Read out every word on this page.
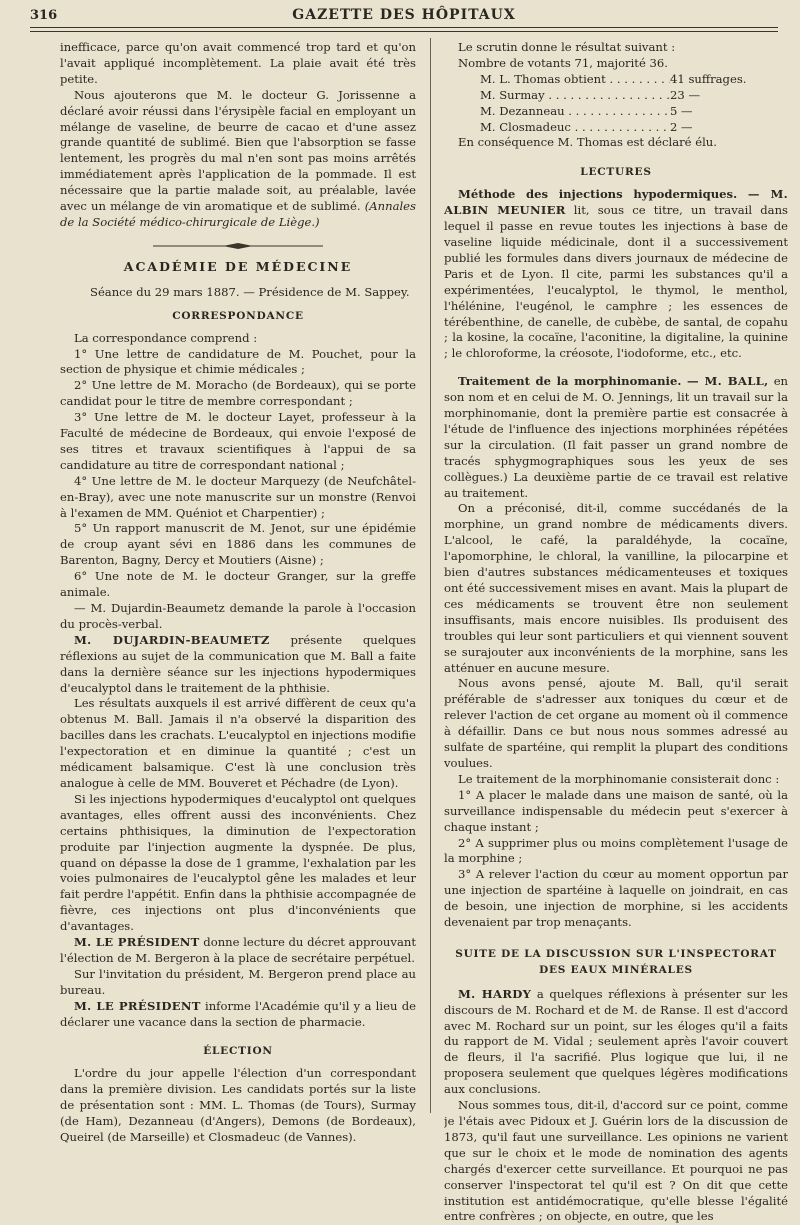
316	GAZETTE DES HÔPITAUX

inefficace, parce qu'on avait commencé trop tard et qu'on l'avait appliqué incomplètement. La plaie avait été très petite.

Nous ajouterons que M. le docteur G. Jorissenne a déclaré avoir réussi dans l'érysipèle facial en employant un mélange de vaseline, de beurre de cacao et d'une assez grande quantité de sublimé. Bien que l'absorption se fasse lentement, les progrès du mal n'en sont pas moins arrêtés immédiatement après l'application de la pommade. Il est nécessaire que la partie malade soit, au préalable, lavée avec un mélange de vin aromatique et de sublimé. (Annales de la Société médico-chirurgicale de Liège.)

ACADÉMIE DE MÉDECINE

Séance du 29 mars 1887. — Présidence de M. Sappey.

CORRESPONDANCE

La correspondance comprend :

1° Une lettre de candidature de M. Pouchet, pour la section de physique et chimie médicales ;

2° Une lettre de M. Moracho (de Bordeaux), qui se porte candidat pour le titre de membre correspondant ;

3° Une lettre de M. le docteur Layet, professeur à la Faculté de médecine de Bordeaux, qui envoie l'exposé de ses titres et travaux scientifiques à l'appui de sa candidature au titre de correspondant national ;

4° Une lettre de M. le docteur Marquezy (de Neufchâtel-en-Bray), avec une note manuscrite sur un monstre (Renvoi à l'examen de MM. Quéniot et Charpentier) ;

5° Un rapport manuscrit de M. Jenot, sur une épidémie de croup ayant sévi en 1886 dans les communes de Barenton, Bagny, Dercy et Moutiers (Aisne) ;

6° Une note de M. le docteur Granger, sur la greffe animale.

— M. Dujardin-Beaumetz demande la parole à l'occasion du procès-verbal.

M. DUJARDIN-BEAUMETZ présente quelques réflexions au sujet de la communication que M. Ball a faite dans la dernière séance sur les injections hypodermiques d'eucalyptol dans le traitement de la phthisie.

Les résultats auxquels il est arrivé diffèrent de ceux qu'a obtenus M. Ball. Jamais il n'a observé la disparition des bacilles dans les crachats. L'eucalyptol en injections modifie l'expectoration et en diminue la quantité ; c'est un médicament balsamique. C'est là une conclusion très analogue à celle de MM. Bouveret et Péchadre (de Lyon).

Si les injections hypodermiques d'eucalyptol ont quelques avantages, elles offrent aussi des inconvénients. Chez certains phthisiques, la diminution de l'expectoration produite par l'injection augmente la dyspnée. De plus, quand on dépasse la dose de 1 gramme, l'exhalation par les voies pulmonaires de l'eucalyptol gêne les malades et leur fait perdre l'appétit. Enfin dans la phthisie accompagnée de fièvre, ces injections ont plus d'inconvénients que d'avantages.

M. LE PRÉSIDENT donne lecture du décret approuvant l'élection de M. Bergeron à la place de secrétaire perpétuel.

Sur l'invitation du président, M. Bergeron prend place au bureau.

M. LE PRÉSIDENT informe l'Académie qu'il y a lieu de déclarer une vacance dans la section de pharmacie.

ÉLECTION

L'ordre du jour appelle l'élection d'un correspondant dans la première division. Les candidats portés sur la liste de présentation sont : MM. L. Thomas (de Tours), Surmay (de Ham), Dezanneau (d'Angers), Demons (de Bordeaux), Queirel (de Marseille) et Closmadeuc (de Vannes).

Le scrutin donne le résultat suivant :

Nombre de votants 71, majorité 36.

M. L. Thomas obtient . . .	41 suffrages.
M. Surmay . . .	23 —
M. Dezanneau . . .	5 —
M. Closmadeuc . . .	2 —

En conséquence M. Thomas est déclaré élu.

LECTURES

Méthode des injections hypodermiques. — M. ALBIN MEUNIER lit, sous ce titre, un travail dans lequel il passe en revue toutes les injections à base de vaseline liquide médicinale, dont il a successivement publié les formules dans divers journaux de médecine de Paris et de Lyon. Il cite, parmi les substances qu'il a expérimentées, l'eucalyptol, le thymol, le menthol, l'hélénine, l'eugénol, le camphre ; les essences de térébenthine, de canelle, de cubèbe, de santal, de copahu ; la kosine, la cocaïne, l'aconitine, la digitaline, la quinine ; le chloroforme, la créosote, l'iodoforme, etc., etc.

Traitement de la morphinomanie. — M. BALL, en son nom et en celui de M. O. Jennings, lit un travail sur la morphinomanie, dont la première partie est consacrée à l'étude de l'influence des injections morphinées répétées sur la circulation. (Il fait passer un grand nombre de tracés sphygmographiques sous les yeux de ses collègues.) La deuxième partie de ce travail est relative au traitement.

On a préconisé, dit-il, comme succédanés de la morphine, un grand nombre de médicaments divers. L'alcool, le café, la paraldéhyde, la cocaïne, l'apomorphine, le chloral, la vanilline, la pilocarpine et bien d'autres substances médicamenteuses et toxiques ont été successivement mises en avant. Mais la plupart de ces médicaments se trouvent être non seulement insuffisants, mais encore nuisibles. Ils produisent des troubles qui leur sont particuliers et qui viennent souvent se surajouter aux inconvénients de la morphine, sans les atténuer en aucune mesure.

Nous avons pensé, ajoute M. Ball, qu'il serait préférable de s'adresser aux toniques du cœur et de relever l'action de cet organe au moment où il commence à défaillir. Dans ce but nous nous sommes adressé au sulfate de spartéine, qui remplit la plupart des conditions voulues.

Le traitement de la morphinomanie consisterait donc :

1° A placer le malade dans une maison de santé, où la surveillance indispensable du médecin peut s'exercer à chaque instant ;

2° A supprimer plus ou moins complètement l'usage de la morphine ;

3° A relever l'action du cœur au moment opportun par une injection de spartéine à laquelle on joindrait, en cas de besoin, une injection de morphine, si les accidents devenaient par trop menaçants.

SUITE DE LA DISCUSSION SUR L'INSPECTORAT
DES EAUX MINÉRALES

M. HARDY a quelques réflexions à présenter sur les discours de M. Rochard et de M. de Ranse. Il est d'accord avec M. Rochard sur un point, sur les éloges qu'il a faits du rapport de M. Vidal ; seulement après l'avoir couvert de fleurs, il l'a sacrifié. Plus logique que lui, il ne proposera seulement que quelques légères modifications aux conclusions.

Nous sommes tous, dit-il, d'accord sur ce point, comme je l'étais avec Pidoux et J. Guérin lors de la discussion de 1873, qu'il faut une surveillance. Les opinions ne varient que sur le choix et le mode de nomination des agents chargés d'exercer cette surveillance. Et pourquoi ne pas conserver l'inspectorat tel qu'il est ? On dit que cette institution est antidémocratique, qu'elle blesse l'égalité entre confrères ; on objecte, en outre, que les
